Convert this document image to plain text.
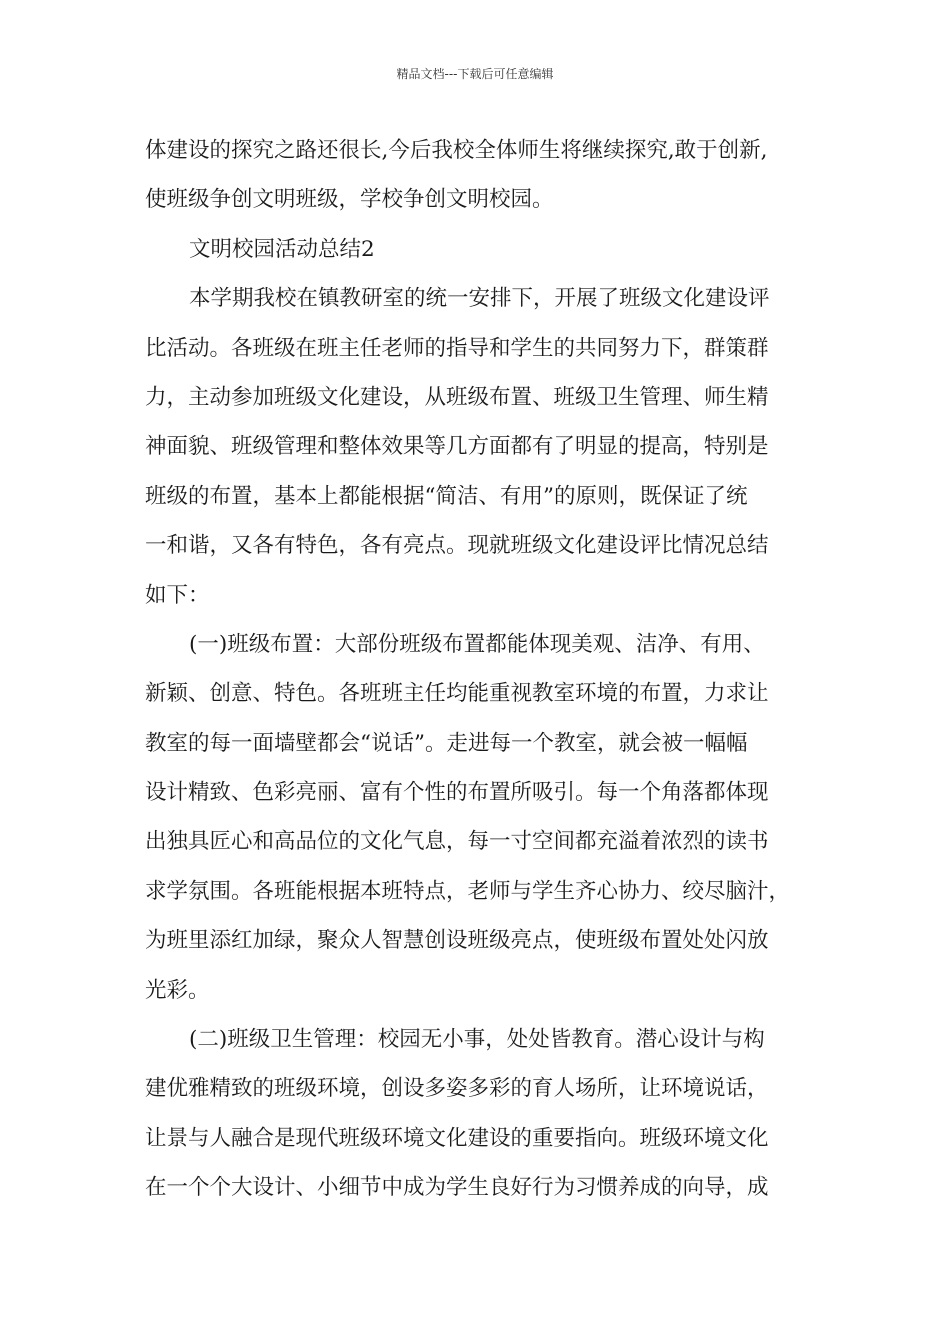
精品文档---下载后可任意编辑
体建设的探究之路还很长,今后我校全体师生将继续探究,敢于创新,
使班级争创文明班级，学校争创文明校园。
文明校园活动总结2
本学期我校在镇教研室的统一安排下，开展了班级文化建设评
比活动。各班级在班主任老师的指导和学生的共同努力下，群策群
力，主动参加班级文化建设，从班级布置、班级卫生管理、师生精
神面貌、班级管理和整体效果等几方面都有了明显的提高，特别是
班级的布置，基本上都能根据“简洁、有用”的原则，既保证了统
一和谐，又各有特色，各有亮点。现就班级文化建设评比情况总结
如下：
(一)班级布置：大部份班级布置都能体现美观、洁净、有用、
新颖、创意、特色。各班班主任均能重视教室环境的布置，力求让
教室的每一面墙壁都会“说话”。走进每一个教室，就会被一幅幅
设计精致、色彩亮丽、富有个性的布置所吸引。每一个角落都体现
出独具匠心和高品位的文化气息，每一寸空间都充溢着浓烈的读书
求学氛围。各班能根据本班特点，老师与学生齐心协力、绞尽脑汁，
为班里添红加绿，聚众人智慧创设班级亮点，使班级布置处处闪放
光彩。
(二)班级卫生管理：校园无小事，处处皆教育。潜心设计与构
建优雅精致的班级环境，创设多姿多彩的育人场所，让环境说话，
让景与人融合是现代班级环境文化建设的重要指向。班级环境文化
在一个个大设计、小细节中成为学生良好行为习惯养成的向导，成
